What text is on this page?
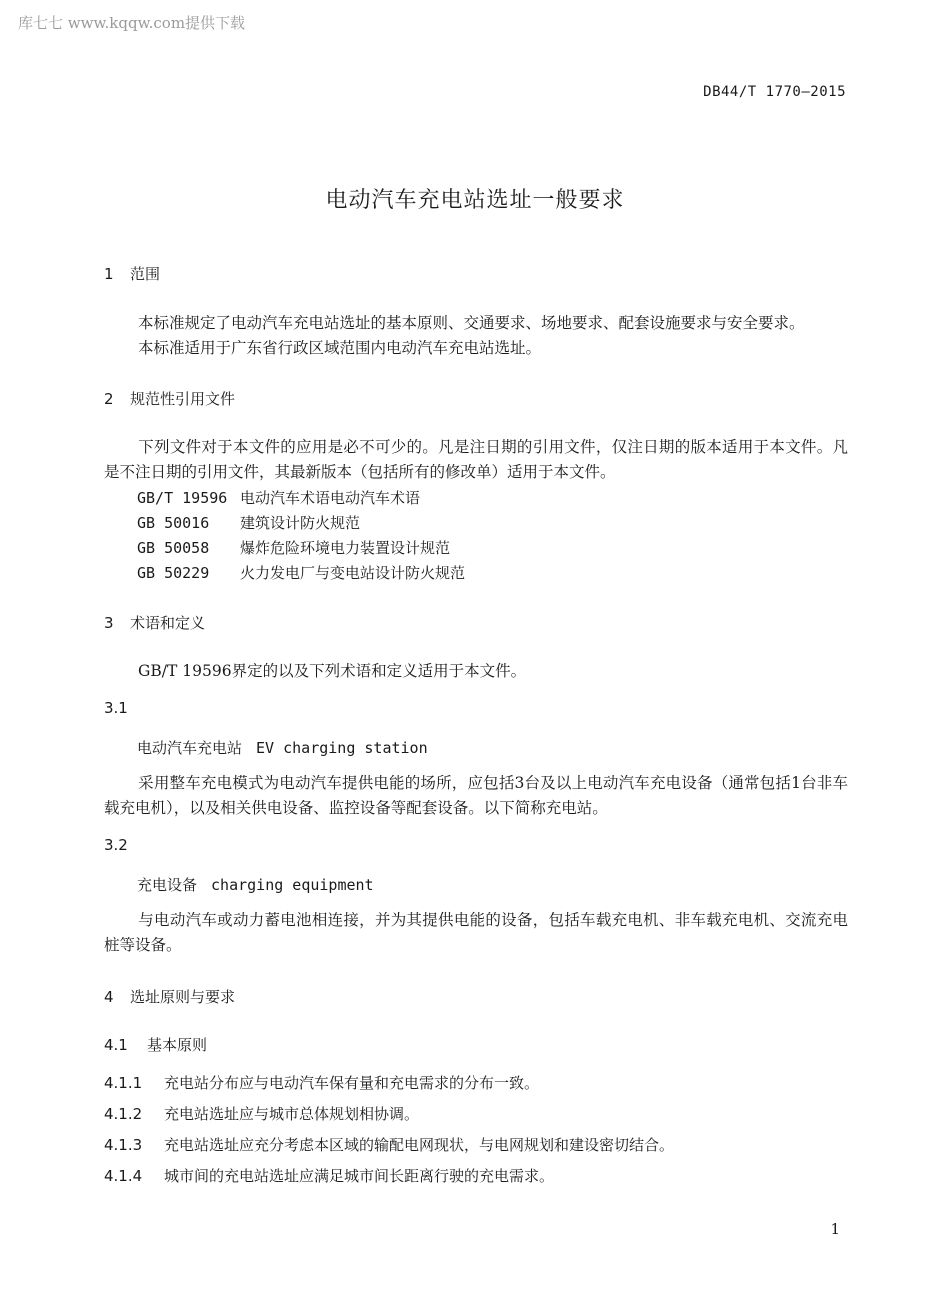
库七七 www.kqqw.com提供下载
DB44/T 1770—2015
电动汽车充电站选址一般要求
1 范围
本标准规定了电动汽车充电站选址的基本原则、交通要求、场地要求、配套设施要求与安全要求。
本标准适用于广东省行政区域范围内电动汽车充电站选址。
2 规范性引用文件
下列文件对于本文件的应用是必不可少的。凡是注日期的引用文件，仅注日期的版本适用于本文件。凡是不注日期的引用文件，其最新版本（包括所有的修改单）适用于本文件。
GB/T 19596 电动汽车术语电动汽车术语
GB 50016 建筑设计防火规范
GB 50058 爆炸危险环境电力装置设计规范
GB 50229 火力发电厂与变电站设计防火规范
3 术语和定义
GB/T 19596界定的以及下列术语和定义适用于本文件。
3.1
电动汽车充电站 EV charging station
采用整车充电模式为电动汽车提供电能的场所，应包括3台及以上电动汽车充电设备（通常包括1台非车载充电机），以及相关供电设备、监控设备等配套设备。以下简称充电站。
3.2
充电设备 charging equipment
与电动汽车或动力蓄电池相连接，并为其提供电能的设备，包括车载充电机、非车载充电机、交流充电桩等设备。
4 选址原则与要求
4.1 基本原则
4.1.1 充电站分布应与电动汽车保有量和充电需求的分布一致。
4.1.2 充电站选址应与城市总体规划相协调。
4.1.3 充电站选址应充分考虑本区域的输配电网现状，与电网规划和建设密切结合。
4.1.4 城市间的充电站选址应满足城市间长距离行驶的充电需求。
1
